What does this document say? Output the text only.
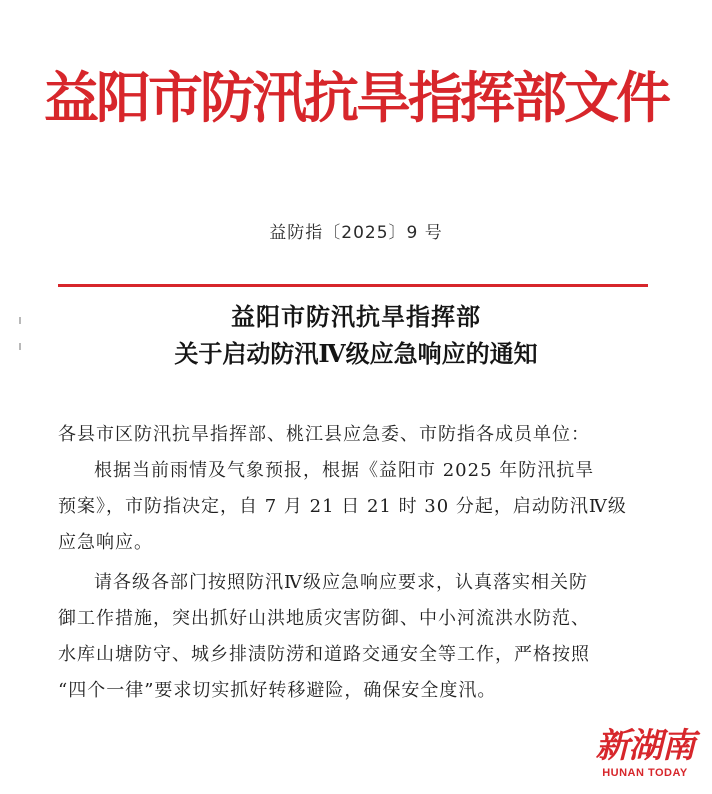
益阳市防汛抗旱指挥部文件
益防指〔2025〕9 号
益阳市防汛抗旱指挥部
关于启动防汛Ⅳ级应急响应的通知
各县市区防汛抗旱指挥部、桃江县应急委、市防指各成员单位：
根据当前雨情及气象预报，根据《益阳市 2025 年防汛抗旱
预案》，市防指决定，自 7 月 21 日 21 时 30 分起，启动防汛Ⅳ级
应急响应。
请各级各部门按照防汛Ⅳ级应急响应要求，认真落实相关防
御工作措施，突出抓好山洪地质灾害防御、中小河流洪水防范、
水库山塘防守、城乡排渍防涝和道路交通安全等工作，严格按照
“四个一律”要求切实抓好转移避险，确保安全度汛。
新湖南
HUNAN TODAY
